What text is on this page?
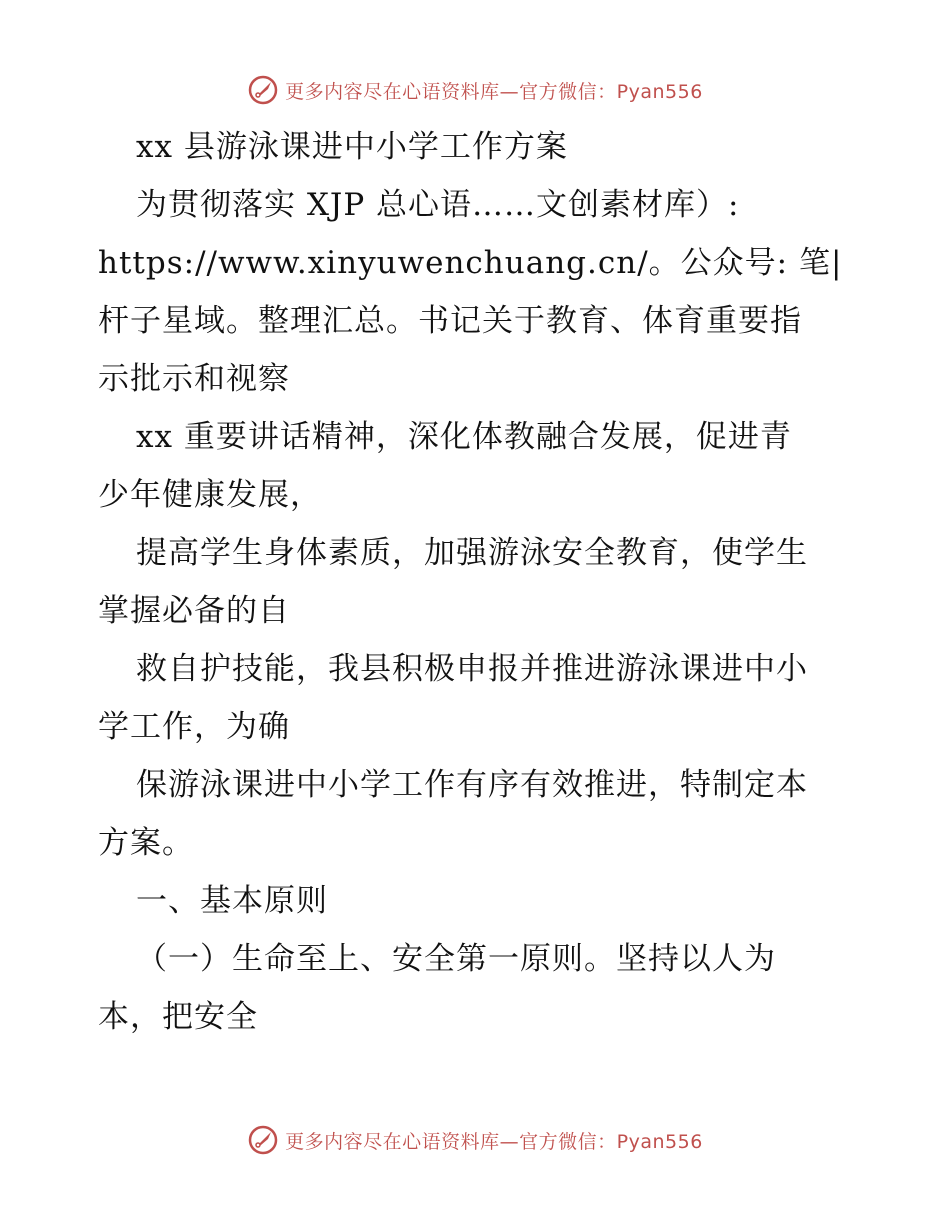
更多内容尽在心语资料库—官方微信：Pyan556
xx 县游泳课进中小学工作方案
为贯彻落实 XJP 总心语……文创素材库）:
https://www.xinyuwenchuang.cn/。公众号: 笔|
杆子星域。整理汇总。书记关于教育、体育重要指
示批示和视察
xx 重要讲话精神，深化体教融合发展，促进青
少年健康发展，
提高学生身体素质，加强游泳安全教育，使学生
掌握必备的自
救自护技能，我县积极申报并推进游泳课进中小
学工作，为确
保游泳课进中小学工作有序有效推进，特制定本
方案。
一、基本原则
（一）生命至上、安全第一原则。坚持以人为
本，把安全
更多内容尽在心语资料库—官方微信：Pyan556
